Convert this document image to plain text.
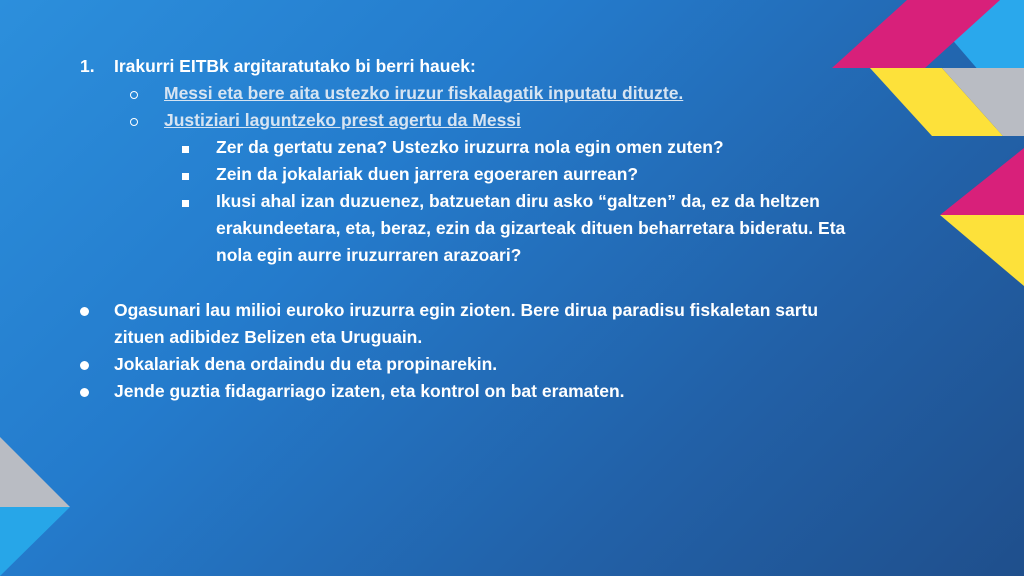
1. Irakurri EITBk argitaratutako bi berri hauek:
Messi eta bere aita ustezko iruzur fiskalagatik inputatu dituzte.
Justiziari laguntzeko prest agertu da Messi
Zer da gertatu zena? Ustezko iruzurra nola egin omen zuten?
Zein da jokalariak duen jarrera egoeraren aurrean?
Ikusi ahal izan duzuenez, batzuetan diru asko “galtzen” da, ez da heltzen
erakundeetara, eta, beraz, ezin da gizarteak dituen beharretara bideratu. Eta
nola egin aurre iruzurraren arazoari?
Ogasunari lau milioi euroko iruzurra egin zioten. Bere dirua paradisu fiskaletan sartu
zituen adibidez Belizen eta Uruguain.
Jokalariak dena ordaindu du eta propinarekin.
Jende guztia fidagarriago izaten, eta kontrol on bat eramaten.
